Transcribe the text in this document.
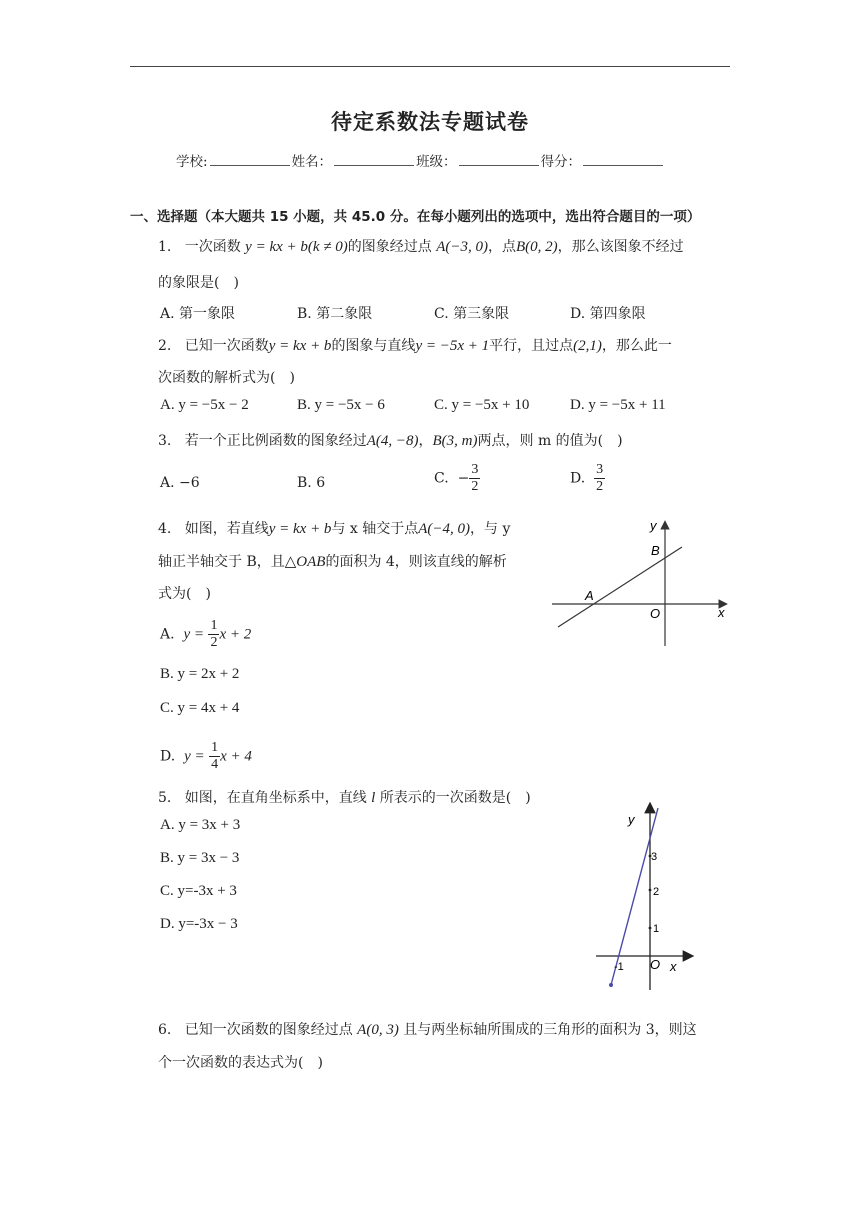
待定系数法专题试卷
学校:	姓名：	班级：	得分：
一、选择题（本大题共 15 小题，共 45.0 分。在每小题列出的选项中，选出符合题目的一项）
1. 一次函数 y = kx + b(k ≠ 0)的图象经过点 A(−3, 0)，点B(0, 2)，那么该图象不经过
的象限是(　)
A. 第一象限	B. 第二象限	C. 第三象限	D. 第四象限
2. 已知一次函数y = kx + b的图象与直线y = −5x + 1平行，且过点(2,1)，那么此一
次函数的解析式为(　)
A. y = −5x − 2	B. y = −5x − 6	C. y = −5x + 10	D. y = −5x + 11
3. 若一个正比例函数的图象经过A(4, −8)，B(3, m)两点，则 m 的值为(　)
A. −6	B. 6	C. − $\frac{3}{2}$	D. $\frac{3}{2}$
4. 如图，若直线y = kx + b与 x 轴交于点A(−4, 0)，与 y
轴正半轴交于 B，且△OAB的面积为 4，则该直线的解析
式为(　)
A. $y = \frac{1}{2}$ x + 2
B. y = 2x + 2
C. y = 4x + 4
D. $y = \frac{1}{4}$ x + 4
y
B
A
O	x
5. 如图，在直角坐标系中，直线 l 所表示的一次函数是(　)
A. y = 3x + 3
B. y = 3x − 3
C. y=-3x + 3
D. y=-3x − 3
y
3
2
1
-1 O x
6. 已知一次函数的图象经过点 A(0, 3) 且与两坐标轴所围成的三角形的面积为 3，则这
个一次函数的表达式为(　)
